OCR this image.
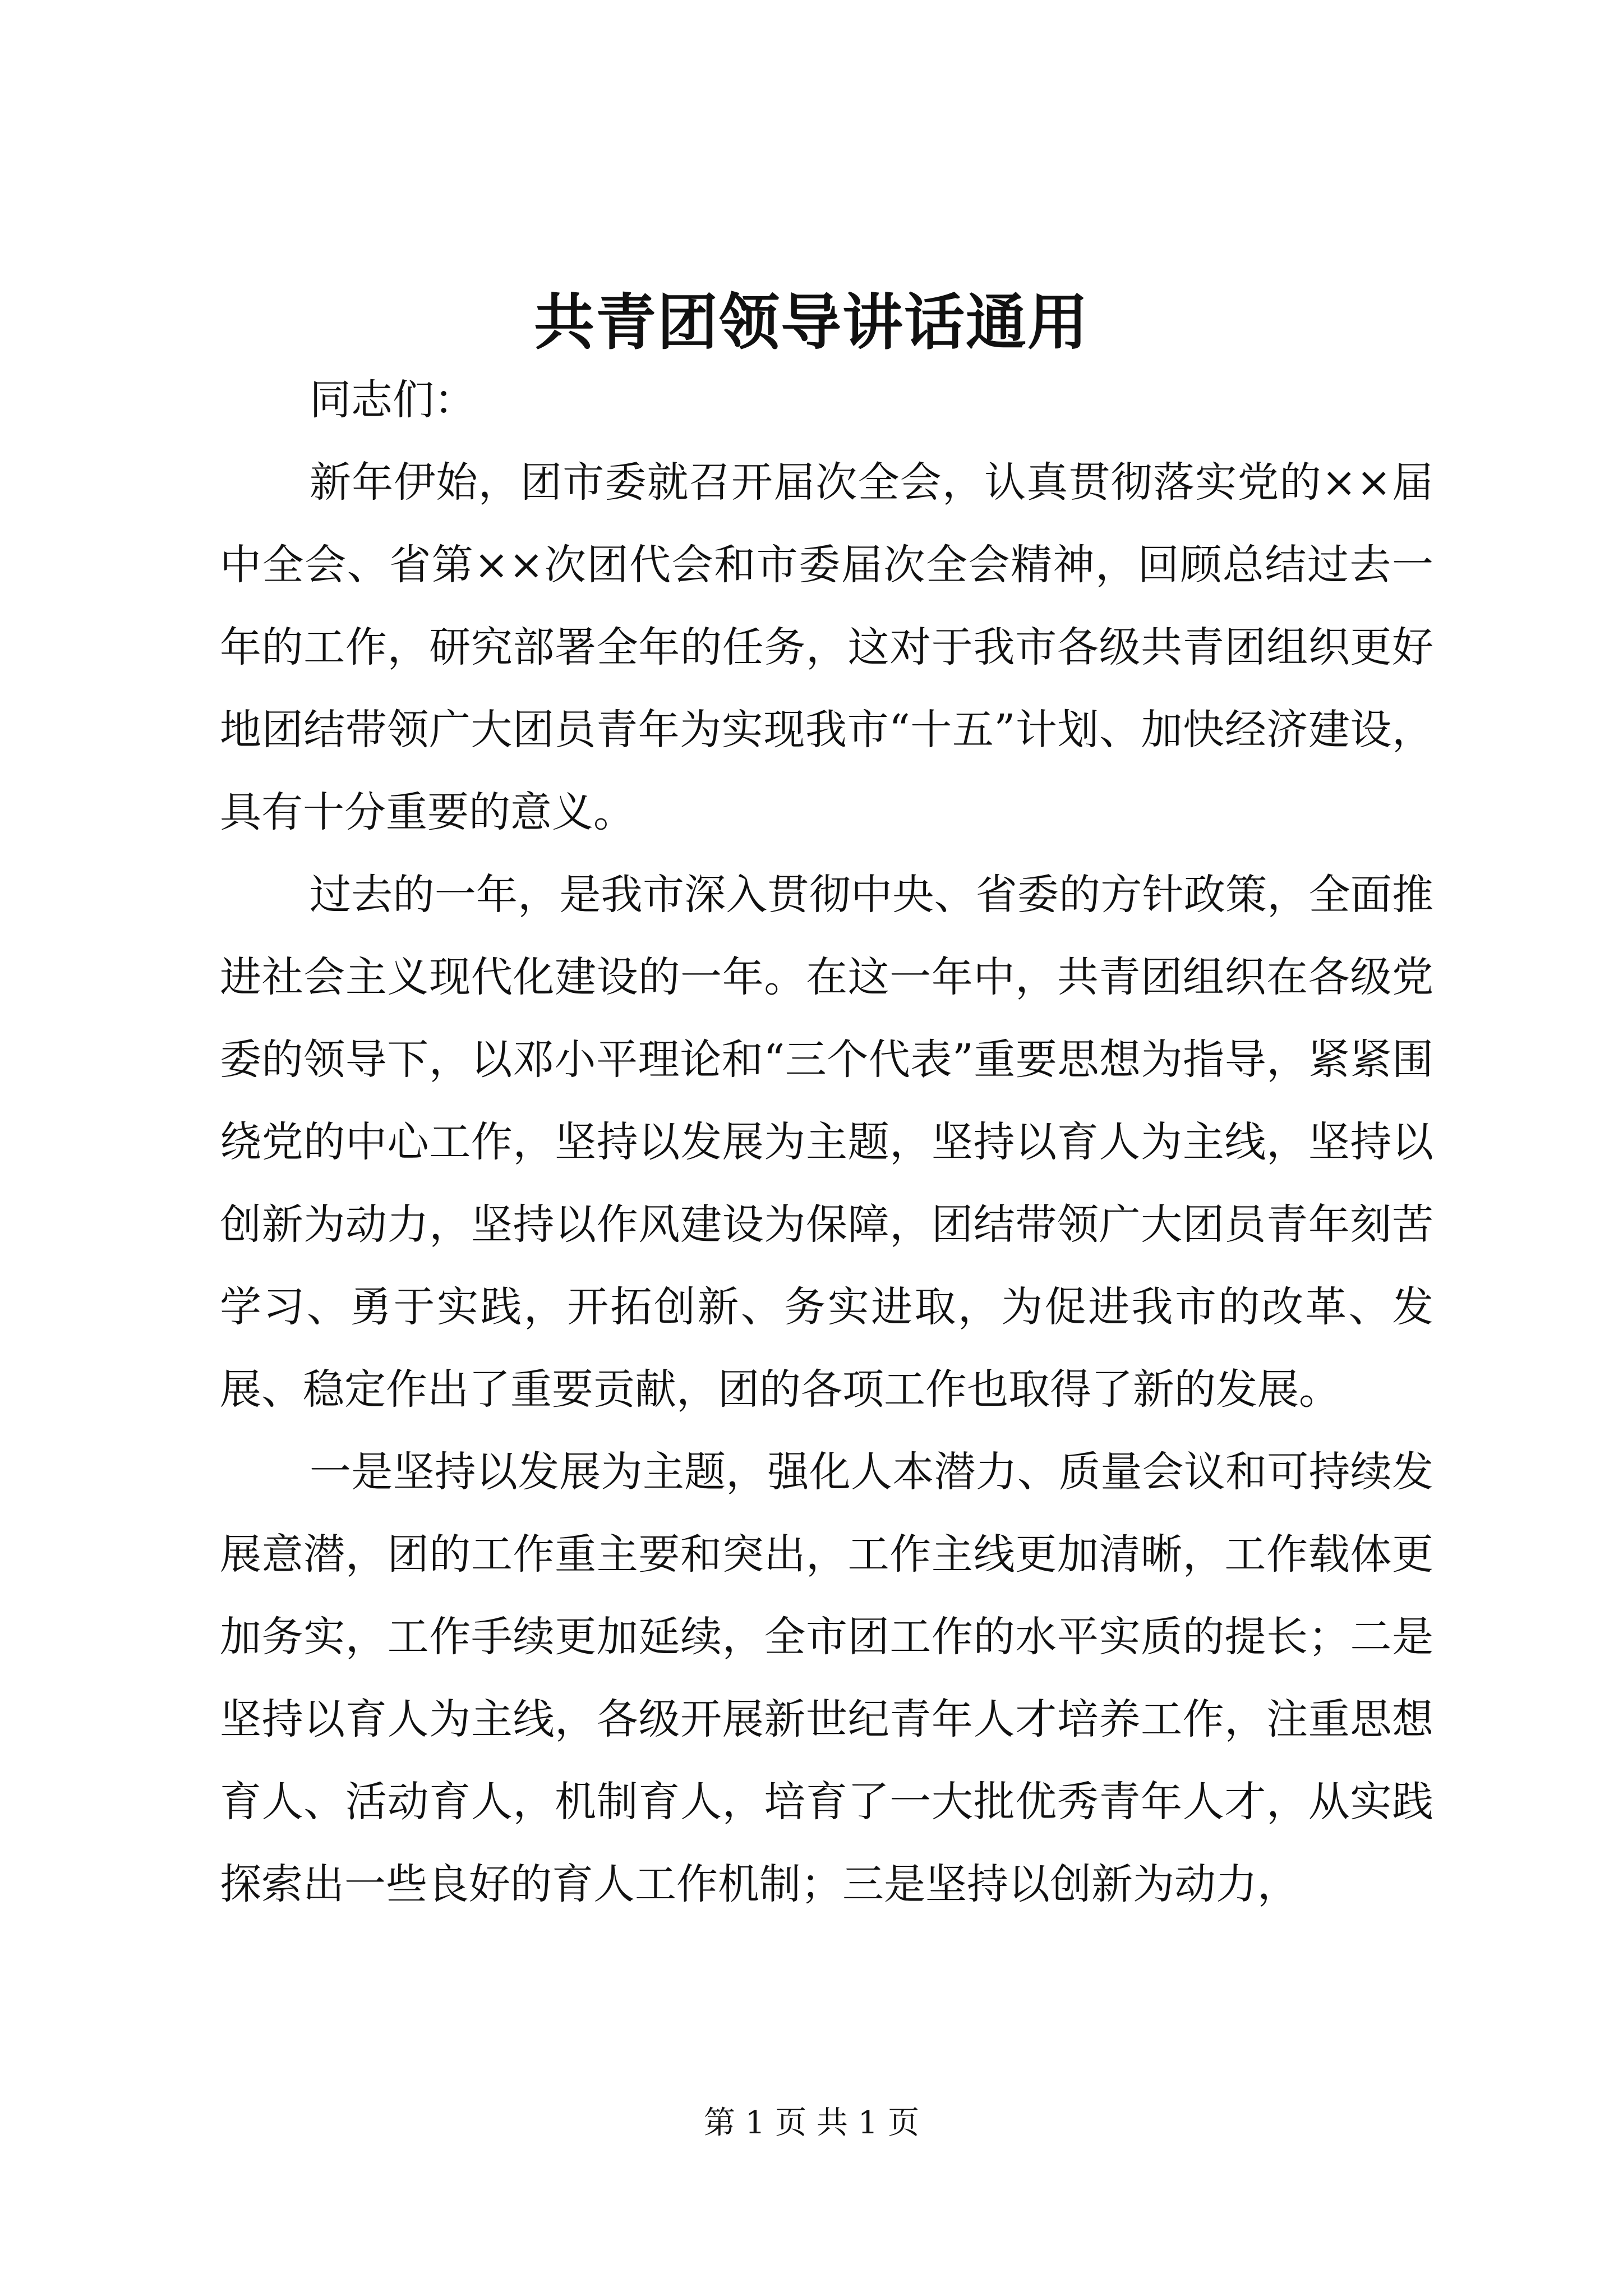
共青团领导讲话通用

同志们：

新年伊始，团市委就召开届次全会，认真贯彻落实党的××届中全会、省第××次团代会和市委届次全会精神，回顾总结过去一年的工作，研究部署全年的任务，这对于我市各级共青团组织更好地团结带领广大团员青年为实现我市“十五”计划、加快经济建设，具有十分重要的意义。

过去的一年，是我市深入贯彻中央、省委的方针政策，全面推进社会主义现代化建设的一年。在这一年中，共青团组织在各级党委的领导下，以邓小平理论和“三个代表”重要思想为指导，紧紧围绕党的中心工作，坚持以发展为主题，坚持以育人为主线，坚持以创新为动力，坚持以作风建设为保障，团结带领广大团员青年刻苦学习、勇于实践，开拓创新、务实进取，为促进我市的改革、发展、稳定作出了重要贡献，团的各项工作也取得了新的发展。

一是坚持以发展为主题，强化人本潜力、质量会议和可持续发展意潜，团的工作重主要和突出，工作主线更加清晰，工作载体更加务实，工作手续更加延续，全市团工作的水平实质的提长；二是坚持以育人为主线，各级开展新世纪青年人才培养工作，注重思想育人、活动育人，机制育人，培育了一大批优秀青年人才，从实践探索出一些良好的育人工作机制；三是坚持以创新为动力，

第 1 页 共 1 页
